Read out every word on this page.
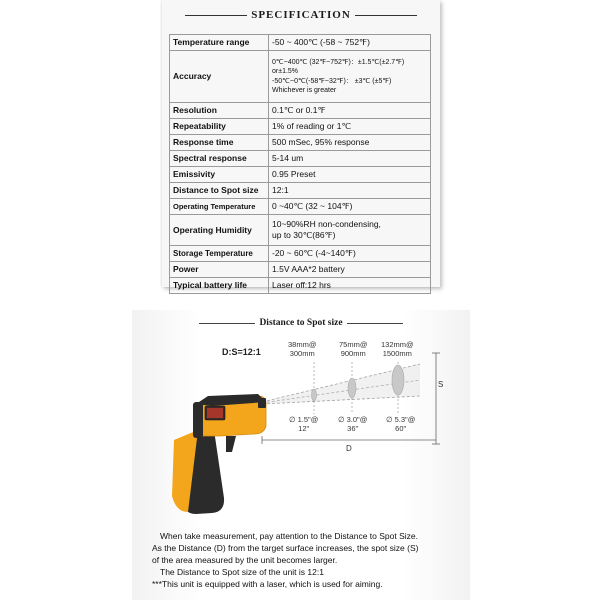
SPECIFICATION
Temperature range	-50 ~ 400℃ (-58 ~ 752℉)
Accuracy	0℃~400℃ (32℉~752℉)：±1.5℃(±2.7℉)
or±1.5%
-50℃~0℃(-58℉~32℉)： ±3℃ (±5℉)
Whichever is greater

Resolution	0.1℃ or 0.1℉
Repeatability	1% of reading or 1℃
Response time	500 mSec, 95% response
Spectral response	5-14 um
Emissivity	0.95 Preset
Distance to Spot size	12:1
Operating Temperature	0 ~40℃ (32 ~ 104℉)
Operating Humidity	10~90%RH non-condensing,
up to 30℃(86℉)

Storage Temperature	-20 ~ 60℃ (-4~140℉)
Power	1.5V AAA*2 battery
Typical battery life	Laser off:12 hrs
Distance to Spot size
D:S=12:1
38mm@
300mm
75mm@
900mm
132mm@
1500mm
∅ 1.5"@
12"
∅ 3.0"@
36"
∅ 5.3"@
60"
S
D
When take measurement, pay attention to the Distance to Spot Size.
As the Distance (D) from the target surface increases, the spot size (S)
of the area measured by the unit becomes larger.
The Distance to Spot size of the unit is 12:1
***This unit is equipped with a laser, which is used for aiming.
